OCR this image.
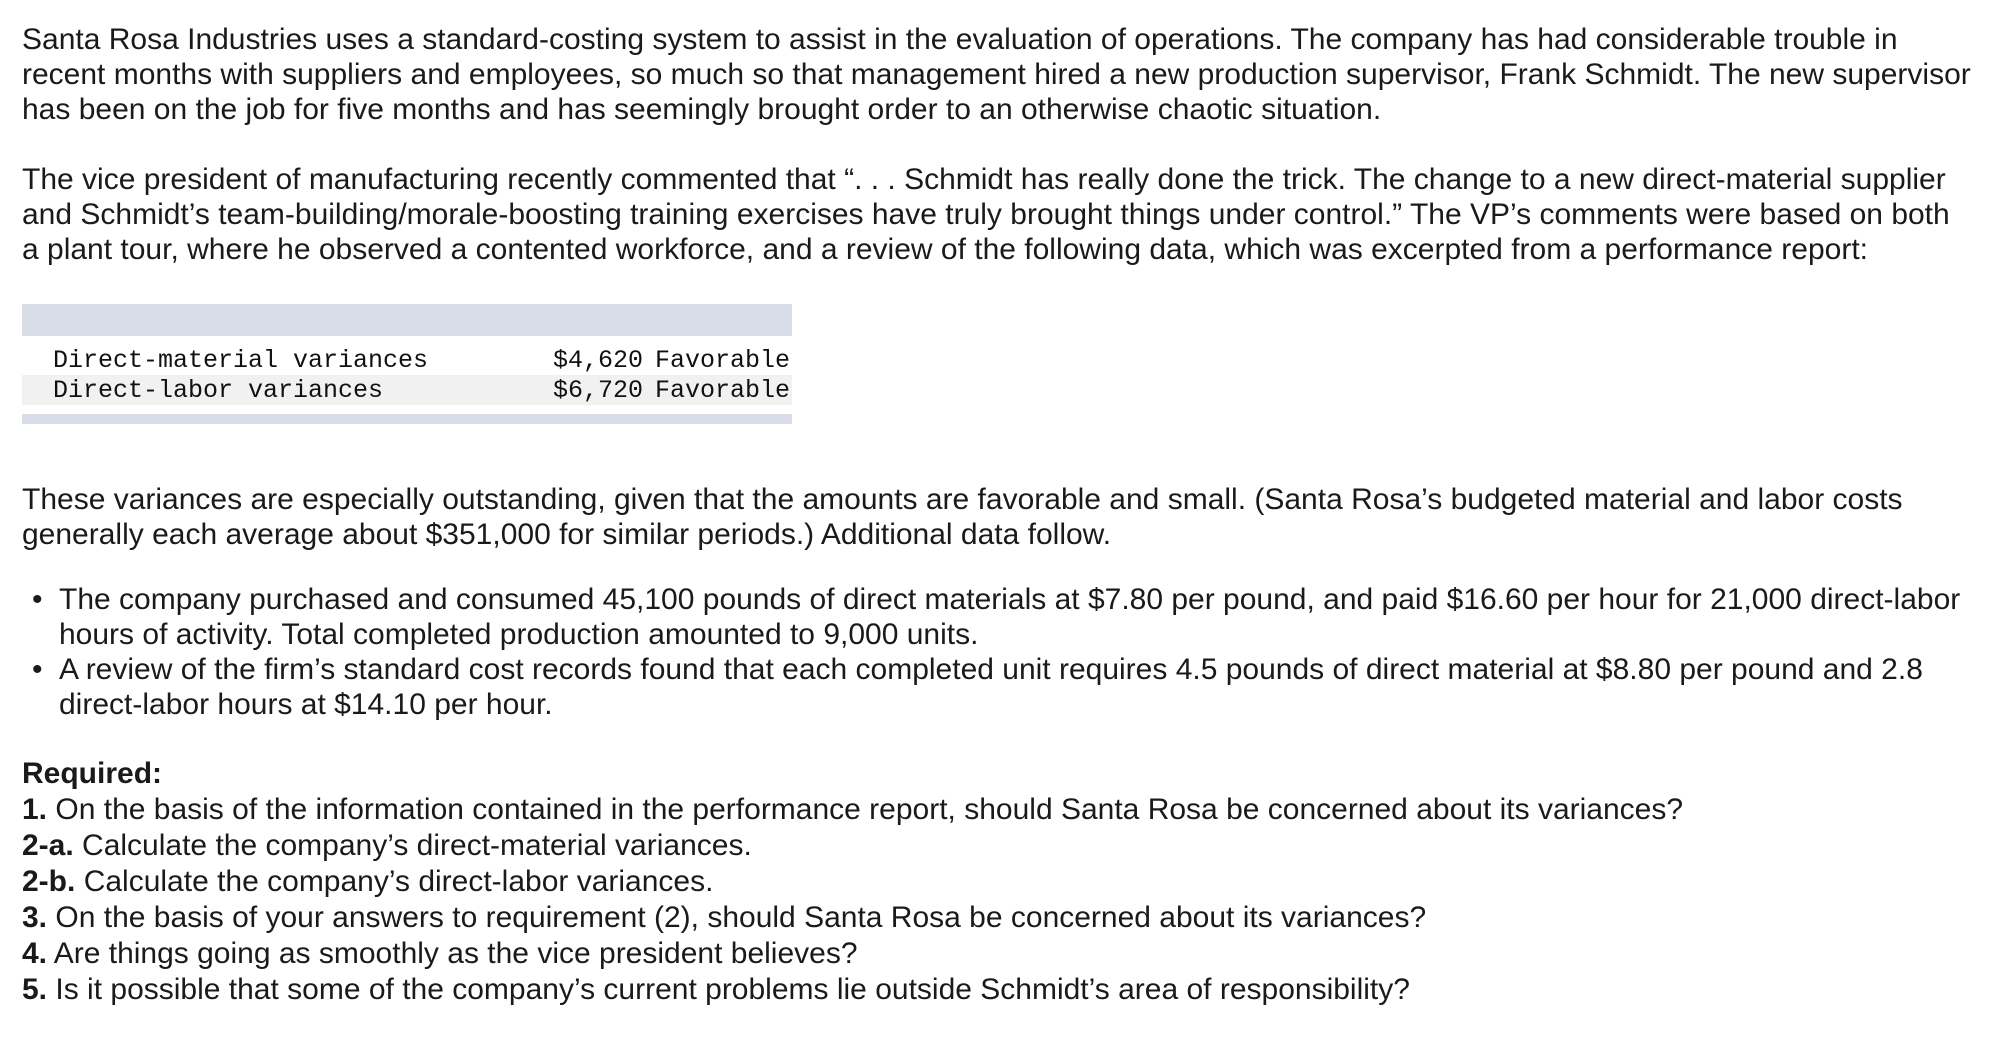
Santa Rosa Industries uses a standard-costing system to assist in the evaluation of operations. The company has had considerable trouble in recent months with suppliers and employees, so much so that management hired a new production supervisor, Frank Schmidt. The new supervisor has been on the job for five months and has seemingly brought order to an otherwise chaotic situation.

The vice president of manufacturing recently commented that “. . . Schmidt has really done the trick. The change to a new direct-material supplier and Schmidt’s team-building/morale-boosting training exercises have truly brought things under control.” The VP’s comments were based on both a plant tour, where he observed a contented workforce, and a review of the following data, which was excerpted from a performance report:

Direct-material variances	$4,620 Favorable
Direct-labor variances	$6,720 Favorable

These variances are especially outstanding, given that the amounts are favorable and small. (Santa Rosa’s budgeted material and labor costs generally each average about $351,000 for similar periods.) Additional data follow.

• The company purchased and consumed 45,100 pounds of direct materials at $7.80 per pound, and paid $16.60 per hour for 21,000 direct-labor hours of activity. Total completed production amounted to 9,000 units.
• A review of the firm’s standard cost records found that each completed unit requires 4.5 pounds of direct material at $8.80 per pound and 2.8 direct-labor hours at $14.10 per hour.
Required:
1. On the basis of the information contained in the performance report, should Santa Rosa be concerned about its variances?
2-a. Calculate the company’s direct-material variances.
2-b. Calculate the company’s direct-labor variances.
3. On the basis of your answers to requirement (2), should Santa Rosa be concerned about its variances?
4. Are things going as smoothly as the vice president believes?
5. Is it possible that some of the company’s current problems lie outside Schmidt’s area of responsibility?
